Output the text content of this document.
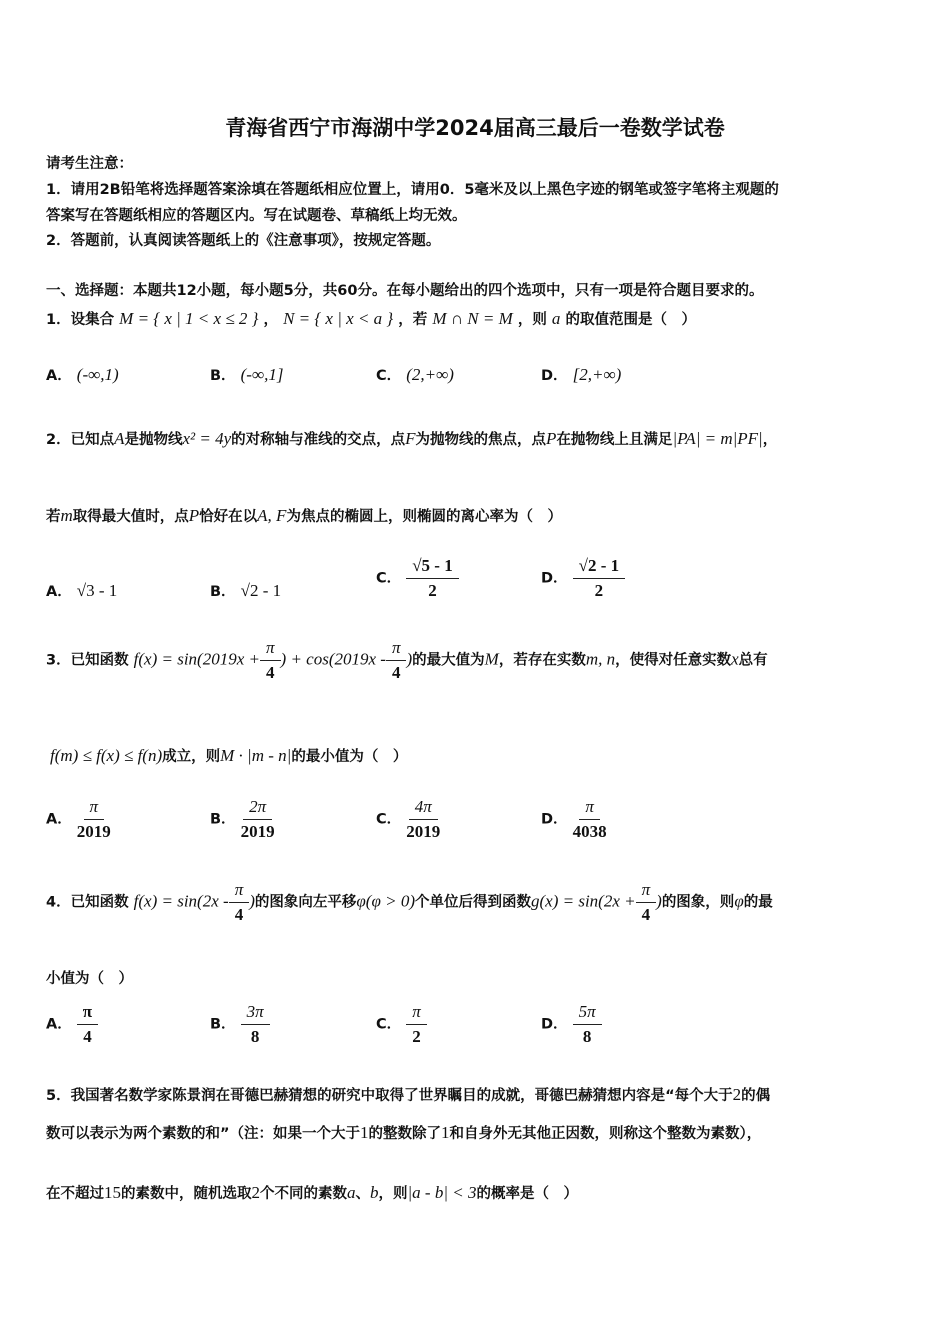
青海省西宁市海湖中学2024届高三最后一卷数学试卷
请考生注意：
1．请用2B铅笔将选择题答案涂填在答题纸相应位置上，请用0．5毫米及以上黑色字迹的钢笔或签字笔将主观题的
答案写在答题纸相应的答题区内。写在试题卷、草稿纸上均无效。
2．答题前，认真阅读答题纸上的《注意事项》，按规定答题。
一、选择题：本题共12小题，每小题5分，共60分。在每小题给出的四个选项中，只有一项是符合题目要求的。
1．设集合 M = { x | 1 < x ≤ 2 } ， N = { x | x < a } ，若 M ∩ N = M ，则 a 的取值范围是（　）
A． (-∞,1)	B． (-∞,1]	C． (2,+∞)	D． [2,+∞)
2．已知点A是抛物线x² = 4y的对称轴与准线的交点，点F为抛物线的焦点，点P在抛物线上且满足|PA| = m|PF|，
若m取得最大值时，点P恰好在以A, F为焦点的椭圆上，则椭圆的离心率为（　）
A． √3 - 1	B． √2 - 1
C． $\frac{√5 - 1}{2}$	D． $\frac{√2 - 1}{2}$
3．已知函数 $f(x) = \sin(2019x + \frac{\pi}{4}$ ) + $\cos(2019x - \frac{\pi}{4}$ )的最大值为M，若存在实数m, n，使得对任意实数x总有
f(m) ≤ f(x) ≤ f(n)成立，则M · |m - n|的最小值为（　）
A． $\frac{\pi}{2019}$	B． $\frac{2\pi}{2019}$	C． $\frac{4\pi}{2019}$	D． $\frac{\pi}{4038}$
4．已知函数 $f(x) = \sin(2x - \frac{\pi}{4}$ )的图象向左平移φ(φ > 0)个单位后得到函数$g(x) = \sin(2x + \frac{\pi}{4}$ )的图象，则φ的最
小值为（　）
A． $\frac{\pi}{4}$	B． $\frac{3\pi}{8}$	C． $\frac{\pi}{2}$	D． $\frac{5\pi}{8}$
5．我国著名数学家陈景润在哥德巴赫猜想的研究中取得了世界瞩目的成就，哥德巴赫猜想内容是“每个大于2的偶
数可以表示为两个素数的和”（注：如果一个大于1的整数除了1和自身外无其他正因数，则称这个整数为素数），
在不超过15的素数中，随机选取2个不同的素数a、b，则|a - b| < 3的概率是（　）
